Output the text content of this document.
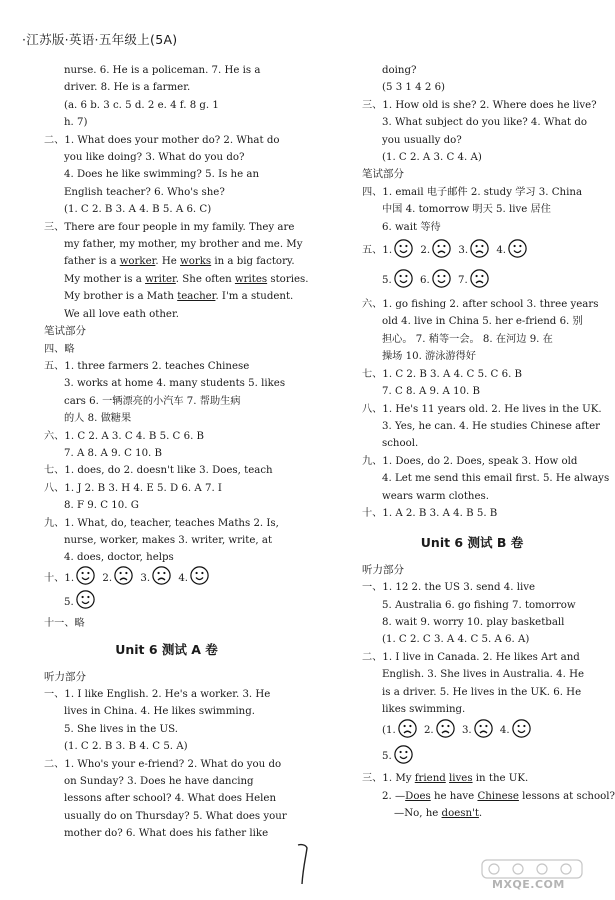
·江苏版·英语·五年级上(5A)
nurse. 6. He is a policeman. 7. He is a
driver. 8. He is a farmer.
(a. 6 b. 3 c. 5 d. 2 e. 4 f. 8 g. 1
h. 7)
二、1. What does your mother do? 2. What do
you like doing? 3. What do you do?
4. Does he like swimming? 5. Is he an
English teacher? 6. Who's she?
(1. C 2. B 3. A 4. B 5. A 6. C)
三、There are four people in my family. They are
my father, my mother, my brother and me. My
father is a worker. He works in a big factory.
My mother is a writer. She often writes stories.
My brother is a Math teacher. I'm a student.
We all love eath other.
笔试部分
四、略
五、1. three farmers 2. teaches Chinese
3. works at home 4. many students 5. likes
cars 6. 一辆漂亮的小汽车 7. 帮助生病
的人 8. 做糖果
六、1. C 2. A 3. C 4. B 5. C 6. B
7. A 8. A 9. C 10. B
七、1. does, do 2. doesn't like 3. Does, teach
八、1. J 2. B 3. H 4. E 5. D 6. A 7. I
8. F 9. C 10. G
九、1. What, do, teacher, teaches Maths 2. Is,
nurse, worker, makes 3. writer, write, at
4. does, doctor, helps
十、1.	2.	3.	4.
5.
十一、略
Unit 6 测试 A 卷
听力部分
一、1. I like English. 2. He's a worker. 3. He
lives in China. 4. He likes swimming.
5. She lives in the US.
(1. C 2. B 3. B 4. C 5. A)
二、1. Who's your e-friend? 2. What do you do
on Sunday? 3. Does he have dancing
lessons after school? 4. What does Helen
usually do on Thursday? 5. What does your
mother do? 6. What does his father like
doing?
(5 3 1 4 2 6)
三、1. How old is she? 2. Where does he live?
3. What subject do you like? 4. What do
you usually do?
(1. C 2. A 3. C 4. A)
笔试部分
四、1. email 电子邮件 2. study 学习 3. China
中国 4. tomorrow 明天 5. live 居住
6. wait 等待
五、1.	2.	3.	4.
5.	6.	7.
六、1. go fishing 2. after school 3. three years
old 4. live in China 5. her e-friend 6. 别
担心。 7. 稍等一会。 8. 在河边 9. 在
操场 10. 游泳游得好
七、1. C 2. B 3. A 4. C 5. C 6. B
7. C 8. A 9. A 10. B
八、1. He's 11 years old. 2. He lives in the UK.
3. Yes, he can. 4. He studies Chinese after
school.
九、1. Does, do 2. Does, speak 3. How old
4. Let me send this email first. 5. He always
wears warm clothes.
十、1. A 2. B 3. A 4. B 5. B
Unit 6 测试 B 卷
听力部分
一、1. 12 2. the US 3. send 4. live
5. Australia 6. go fishing 7. tomorrow
8. wait 9. worry 10. play basketball
(1. C 2. C 3. A 4. C 5. A 6. A)
二、1. I live in Canada. 2. He likes Art and
English. 3. She lives in Australia. 4. He
is a driver. 5. He lives in the UK. 6. He
likes swimming.
(1.	2.	3.	4.
5.
三、1. My friend lives in the UK.
2. —Does he have Chinese lessons at school?
—No, he doesn't.
MXQE.COM
